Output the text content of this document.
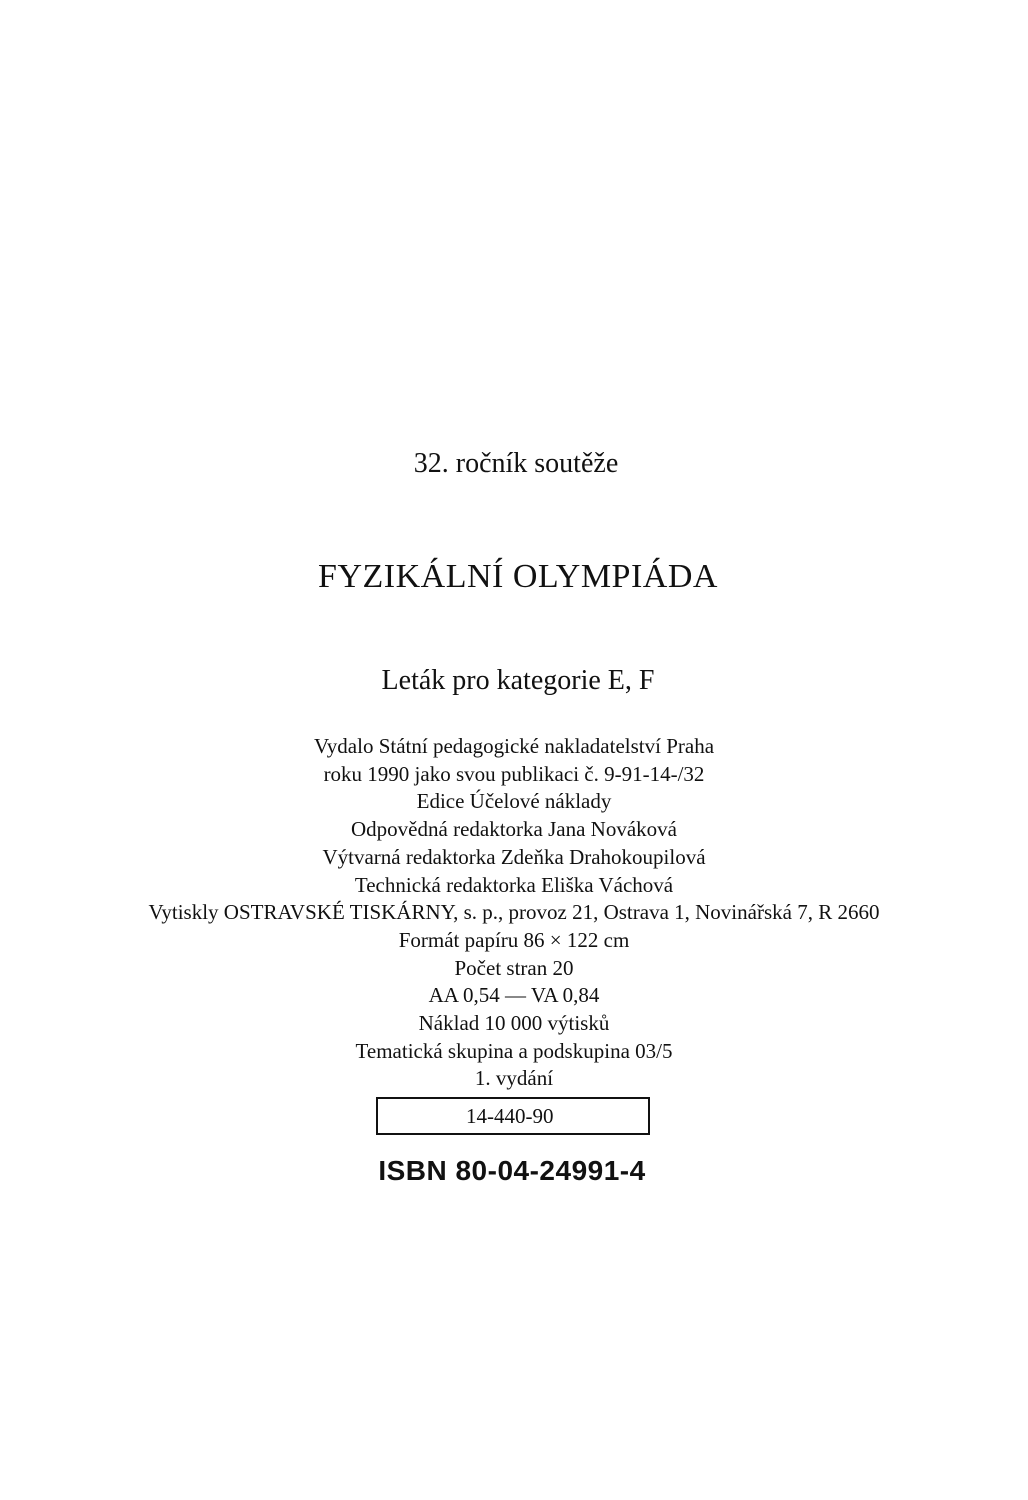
32. ročník soutěže
FYZIKÁLNÍ OLYMPIÁDA
Leták pro kategorie E, F
Vydalo Státní pedagogické nakladatelství Praha
roku 1990 jako svou publikaci č. 9-91-14-/32
Edice Účelové náklady
Odpovědná redaktorka Jana Nováková
Výtvarná redaktorka Zdeňka Drahokoupilová
Technická redaktorka Eliška Váchová
Vytiskly OSTRAVSKÉ TISKÁRNY, s. p., provoz 21, Ostrava 1, Novinářská 7, R 2660
Formát papíru 86 × 122 cm
Počet stran 20
AA 0,54 — VA 0,84
Náklad 10 000 výtisků
Tematická skupina a podskupina 03/5
1. vydání
14-440-90
ISBN 80-04-24991-4
